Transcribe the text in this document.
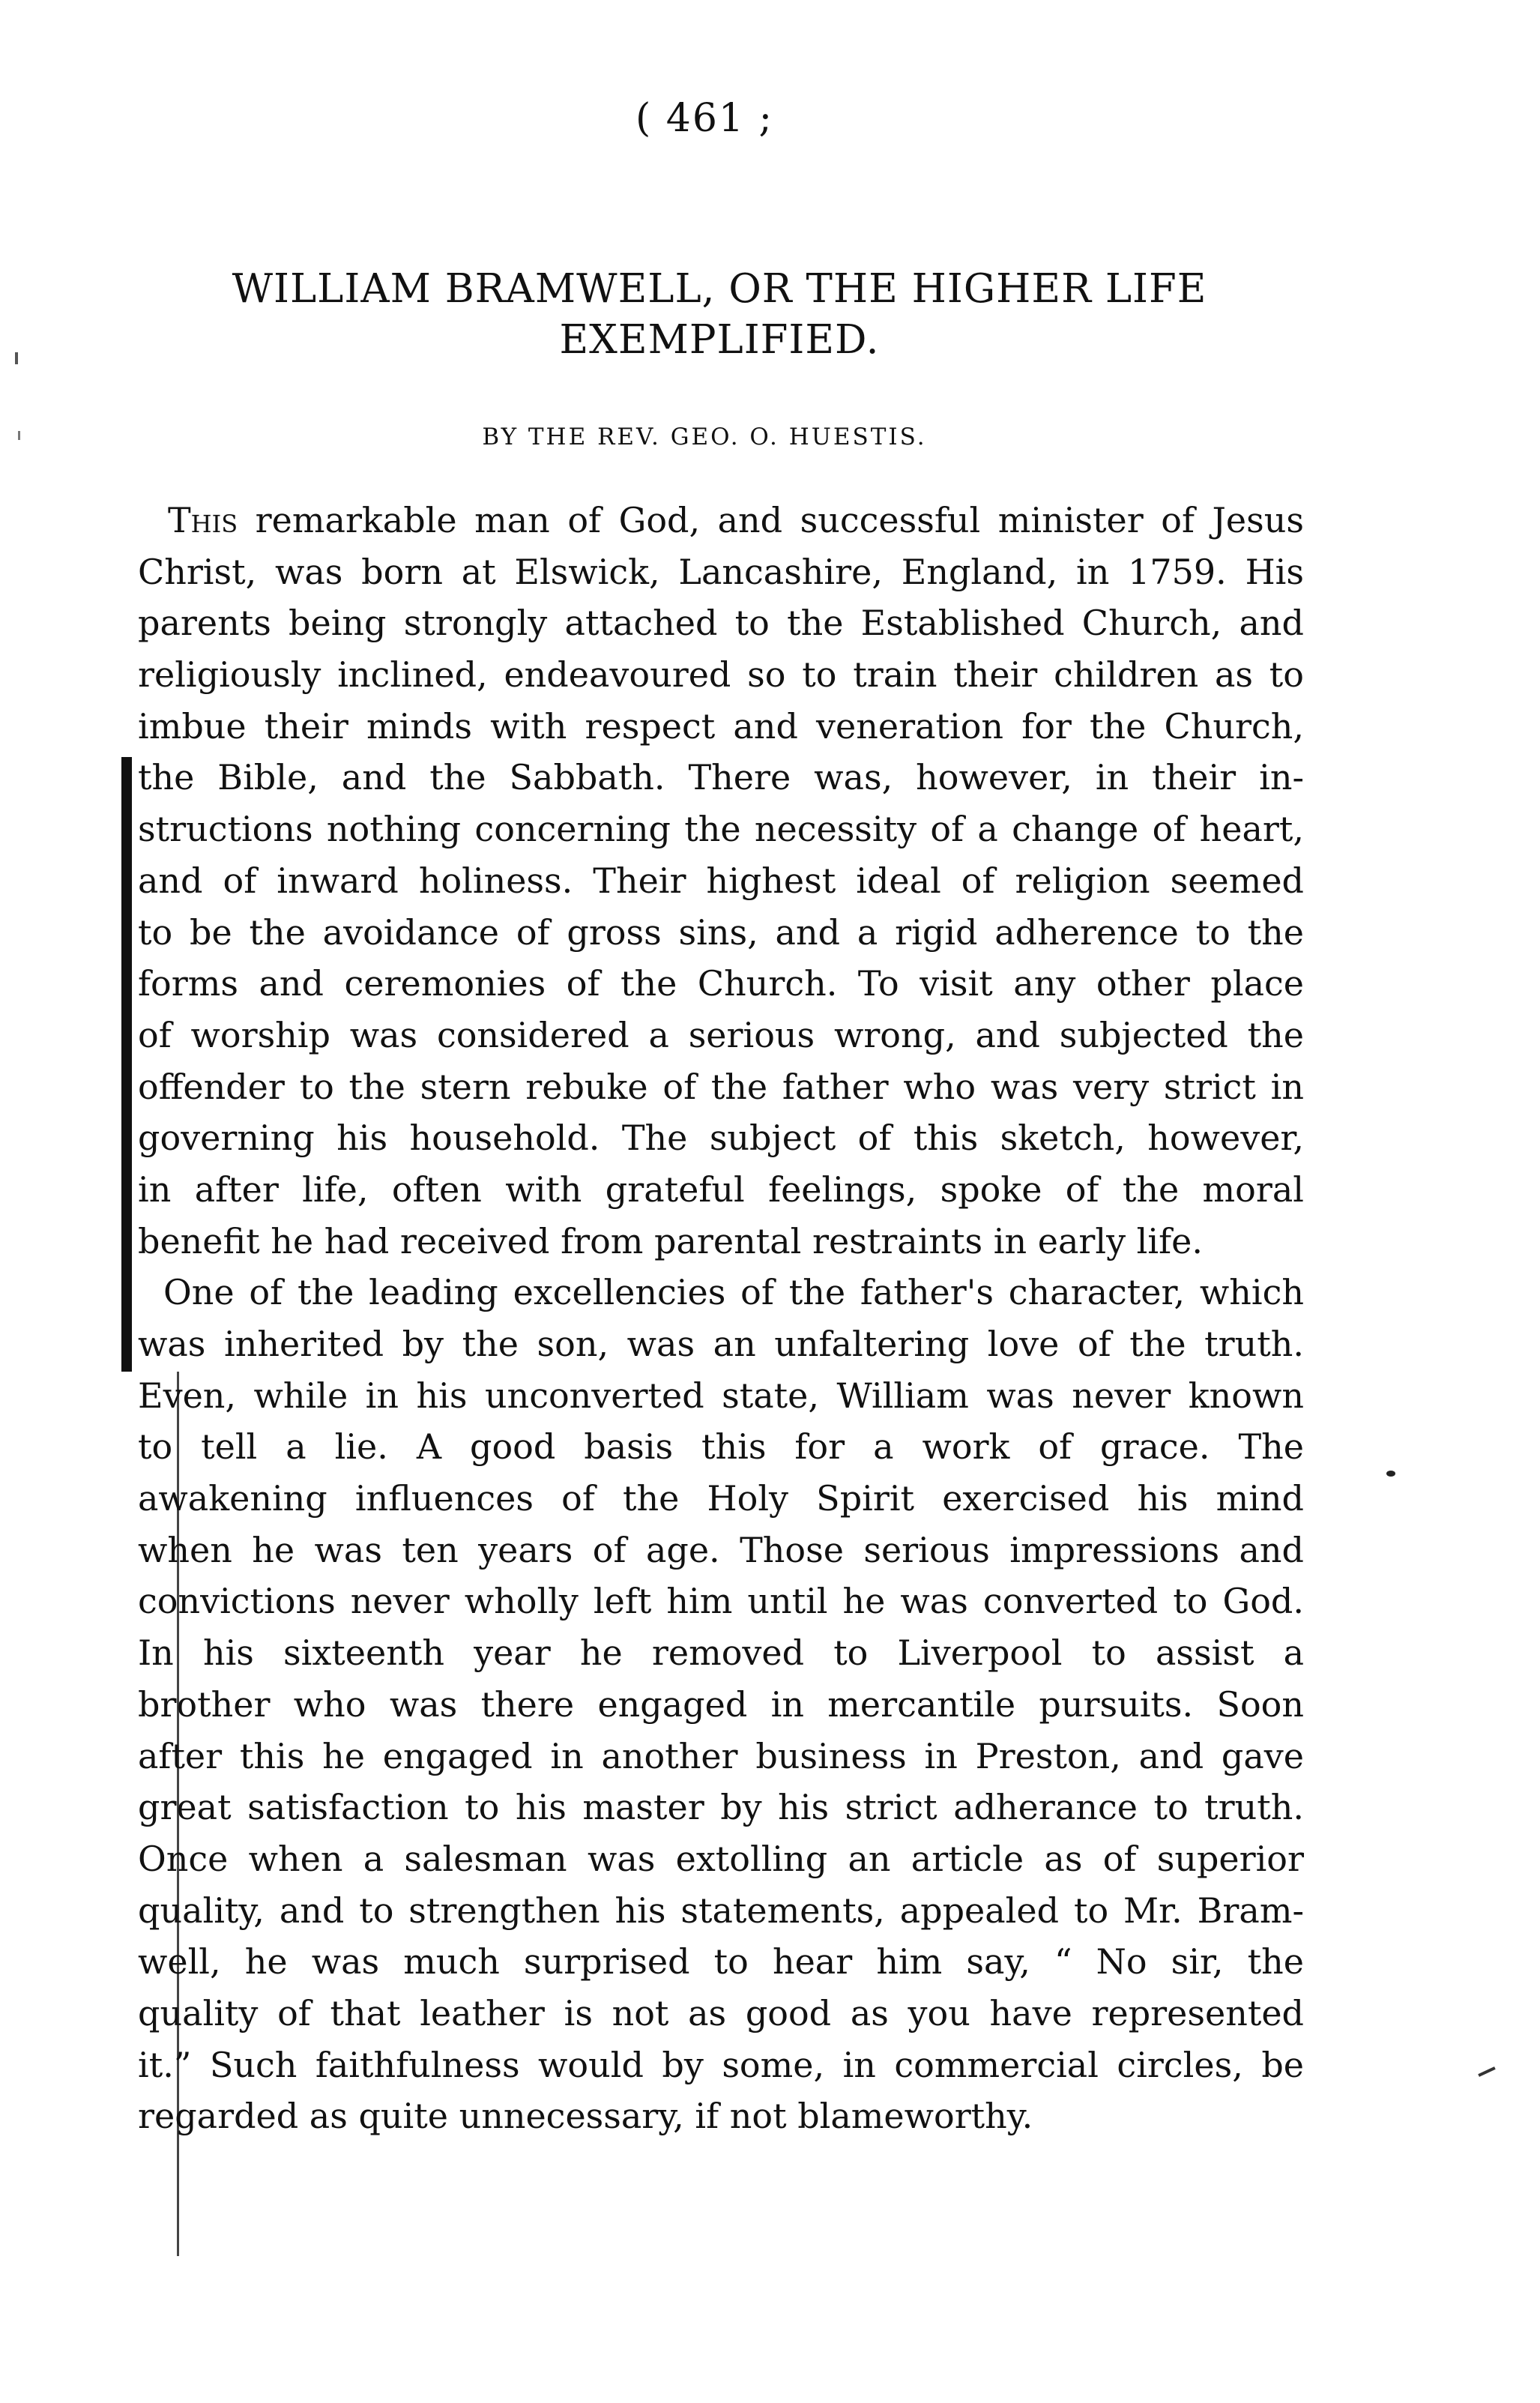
( 461 ;
WILLIAM BRAMWELL, OR THE HIGHER LIFE
EXEMPLIFIED.
BY THE REV. GEO. O. HUESTIS.
This remarkable man of God, and successful minister of Jesus
Christ, was born at Elswick, Lancashire, England, in 1759. His
parents being strongly attached to the Established Church, and
religiously inclined, endeavoured so to train their children as to
imbue their minds with respect and veneration for the Church,
the Bible, and the Sabbath. There was, however, in their in-
structions nothing concerning the necessity of a change of heart,
and of inward holiness. Their highest ideal of religion seemed
to be the avoidance of gross sins, and a rigid adherence to the
forms and ceremonies of the Church. To visit any other place
of worship was considered a serious wrong, and subjected the
offender to the stern rebuke of the father who was very strict in
governing his household. The subject of this sketch, however,
in after life, often with grateful feelings, spoke of the moral
benefit he had received from parental restraints in early life.
One of the leading excellencies of the father's character, which
was inherited by the son, was an unfaltering love of the truth.
Even, while in his unconverted state, William was never known
to tell a lie. A good basis this for a work of grace. The
awakening influences of the Holy Spirit exercised his mind
when he was ten years of age. Those serious impressions and
convictions never wholly left him until he was converted to God.
In his sixteenth year he removed to Liverpool to assist a
brother who was there engaged in mercantile pursuits. Soon
after this he engaged in another business in Preston, and gave
great satisfaction to his master by his strict adherance to truth.
Once when a salesman was extolling an article as of superior
quality, and to strengthen his statements, appealed to Mr. Bram-
well, he was much surprised to hear him say, “ No sir, the
quality of that leather is not as good as you have represented
it.” Such faithfulness would by some, in commercial circles, be
regarded as quite unnecessary, if not blameworthy.
